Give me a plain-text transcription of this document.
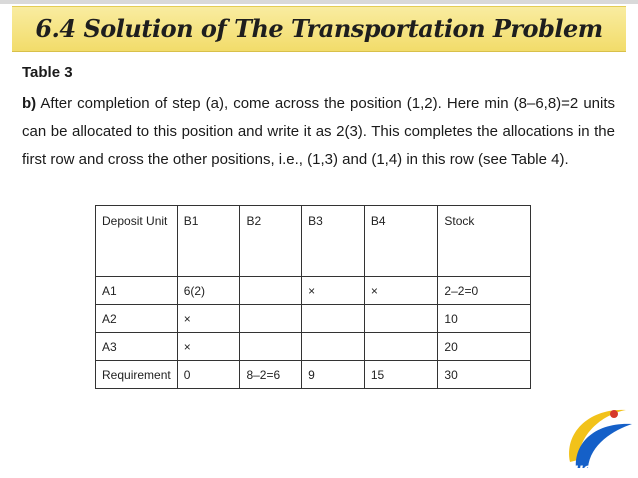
6.4 Solution of The Transportation Problem
Table 3
b) After completion of step (a), come across the position (1,2). Here min (8–6,8)=2 units can be allocated to this position and write it as 2(3). This completes the allocations in the first row and cross the other positions, i.e., (1,3) and (1,4) in this row (see Table 4).
Deposit Unit	B1	B2	B3	B4	Stock
A1	6(2)		×	×	2–2=0
A2	×				10
A3	×				20
Requirement	0	8–2=6	9	15	30
uccess
